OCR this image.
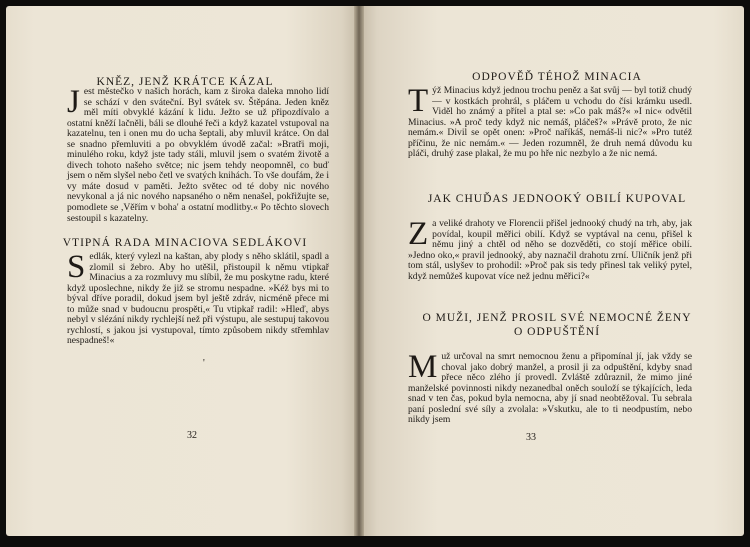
KNĚZ, JENŽ KRÁTCE KÁZAL
Jest městečko v našich horách, kam z široka daleka mnoho lidí se schází v den sváteční. Byl svátek sv. Štěpána. Jeden kněz měl míti obvyklé kázání k lidu. Ježto se už připozdívalo a ostatní kněží lačněli, báli se dlouhé řeči a když kazatel vstupoval na kazatelnu, ten i onen mu do ucha šeptali, aby mluvil krátce. On dal se snadno přemluviti a po obvyklém úvodě začal: »Bratři moji, minulého roku, když jste tady stáli, mluvil jsem o svatém životě a divech tohoto našeho světce; nic jsem tehdy neopomněl, co buď jsem o něm slyšel nebo četl ve svatých knihách. To vše doufám, že i vy máte dosud v paměti. Ježto světec od té doby nic nového nevykonal a já nic nového napsaného o něm nenašel, pokřižujte se, pomodlete se ,Věřím v boha' a ostatní modlitby.« Po těchto slovech sestoupil s kazatelny.
VTIPNÁ RADA MINACIOVA SEDLÁKOVI
Sedlák, který vylezl na kaštan, aby plody s něho sklátil, spadl a zlomil si žebro. Aby ho utěšil, přistoupil k němu vtipkař Minacius a za rozmluvy mu slíbil, že mu poskytne radu, které když uposlechne, nikdy že již se stromu nespadne. »Kéž bys mi to býval dříve poradil, dokud jsem byl ještě zdráv, nicméně přece mi to může snad v budoucnu prospěti,« Tu vtipkař radil: »Hleď, abys nebyl v slézání nikdy rychlejší než při výstupu, ale sestupuj takovou rychlostí, s jakou jsi vystupoval, tímto způsobem nikdy střemhlav nespadneš!«
'
32
ODPOVĚĎ TÉHOŽ MINACIA
Týž Minacius když jednou trochu peněz a šat svůj — byl totiž chudý — v kostkách prohrál, s pláčem u vchodu do čísi krámku usedl. Viděl ho známý a přítel a ptal se: »Co pak máš?« »I nic« odvětil Minacius. »A proč tedy když nic nemáš, pláčeš?« »Právě proto, že nic nemám.« Divil se opět onen: »Proč naříkáš, nemáš-li nic?« »Pro tutéž příčinu, že nic nemám.« — Jeden rozumněl, že druh nemá důvodu ku pláči, druhý zase plakal, že mu po hře nic nezbylo a že nic nemá.
JAK CHUĎAS JEDNOOKÝ OBILÍ KUPOVAL
Za veliké drahoty ve Florencii přišel jednooký chudý na trh, aby, jak povídal, koupil měřici obilí. Když se vyptával na cenu, přišel k němu jiný a chtěl od něho se dozvěděti, co stojí měřice obilí. »Jedno oko,« pravil jednooký, aby naznačil drahotu zrní. Uličník jenž při tom stál, uslyšev to prohodil: »Proč pak sis tedy přinesl tak veliký pytel, když nemůžeš kupovat více než jednu měřici?«
O MUŽI, JENŽ PROSIL SVÉ NEMOCNÉ ŽENY
O ODPUŠTĚNÍ
Muž určoval na smrt nemocnou ženu a připomínal jí, jak vždy se choval jako dobrý manžel, a prosil ji za odpuštění, kdyby snad přece něco zlého jí provedl. Zvláště zdůraznil, že mimo jiné manželské povinnosti nikdy nezanedbal oněch souloží se týkajících, leda snad v ten čas, pokud byla nemocna, aby jí snad neobtěžoval. Tu sebrala paní poslední své síly a zvolala: »Vskutku, ale to ti neodpustím, nebo nikdy jsem
33
